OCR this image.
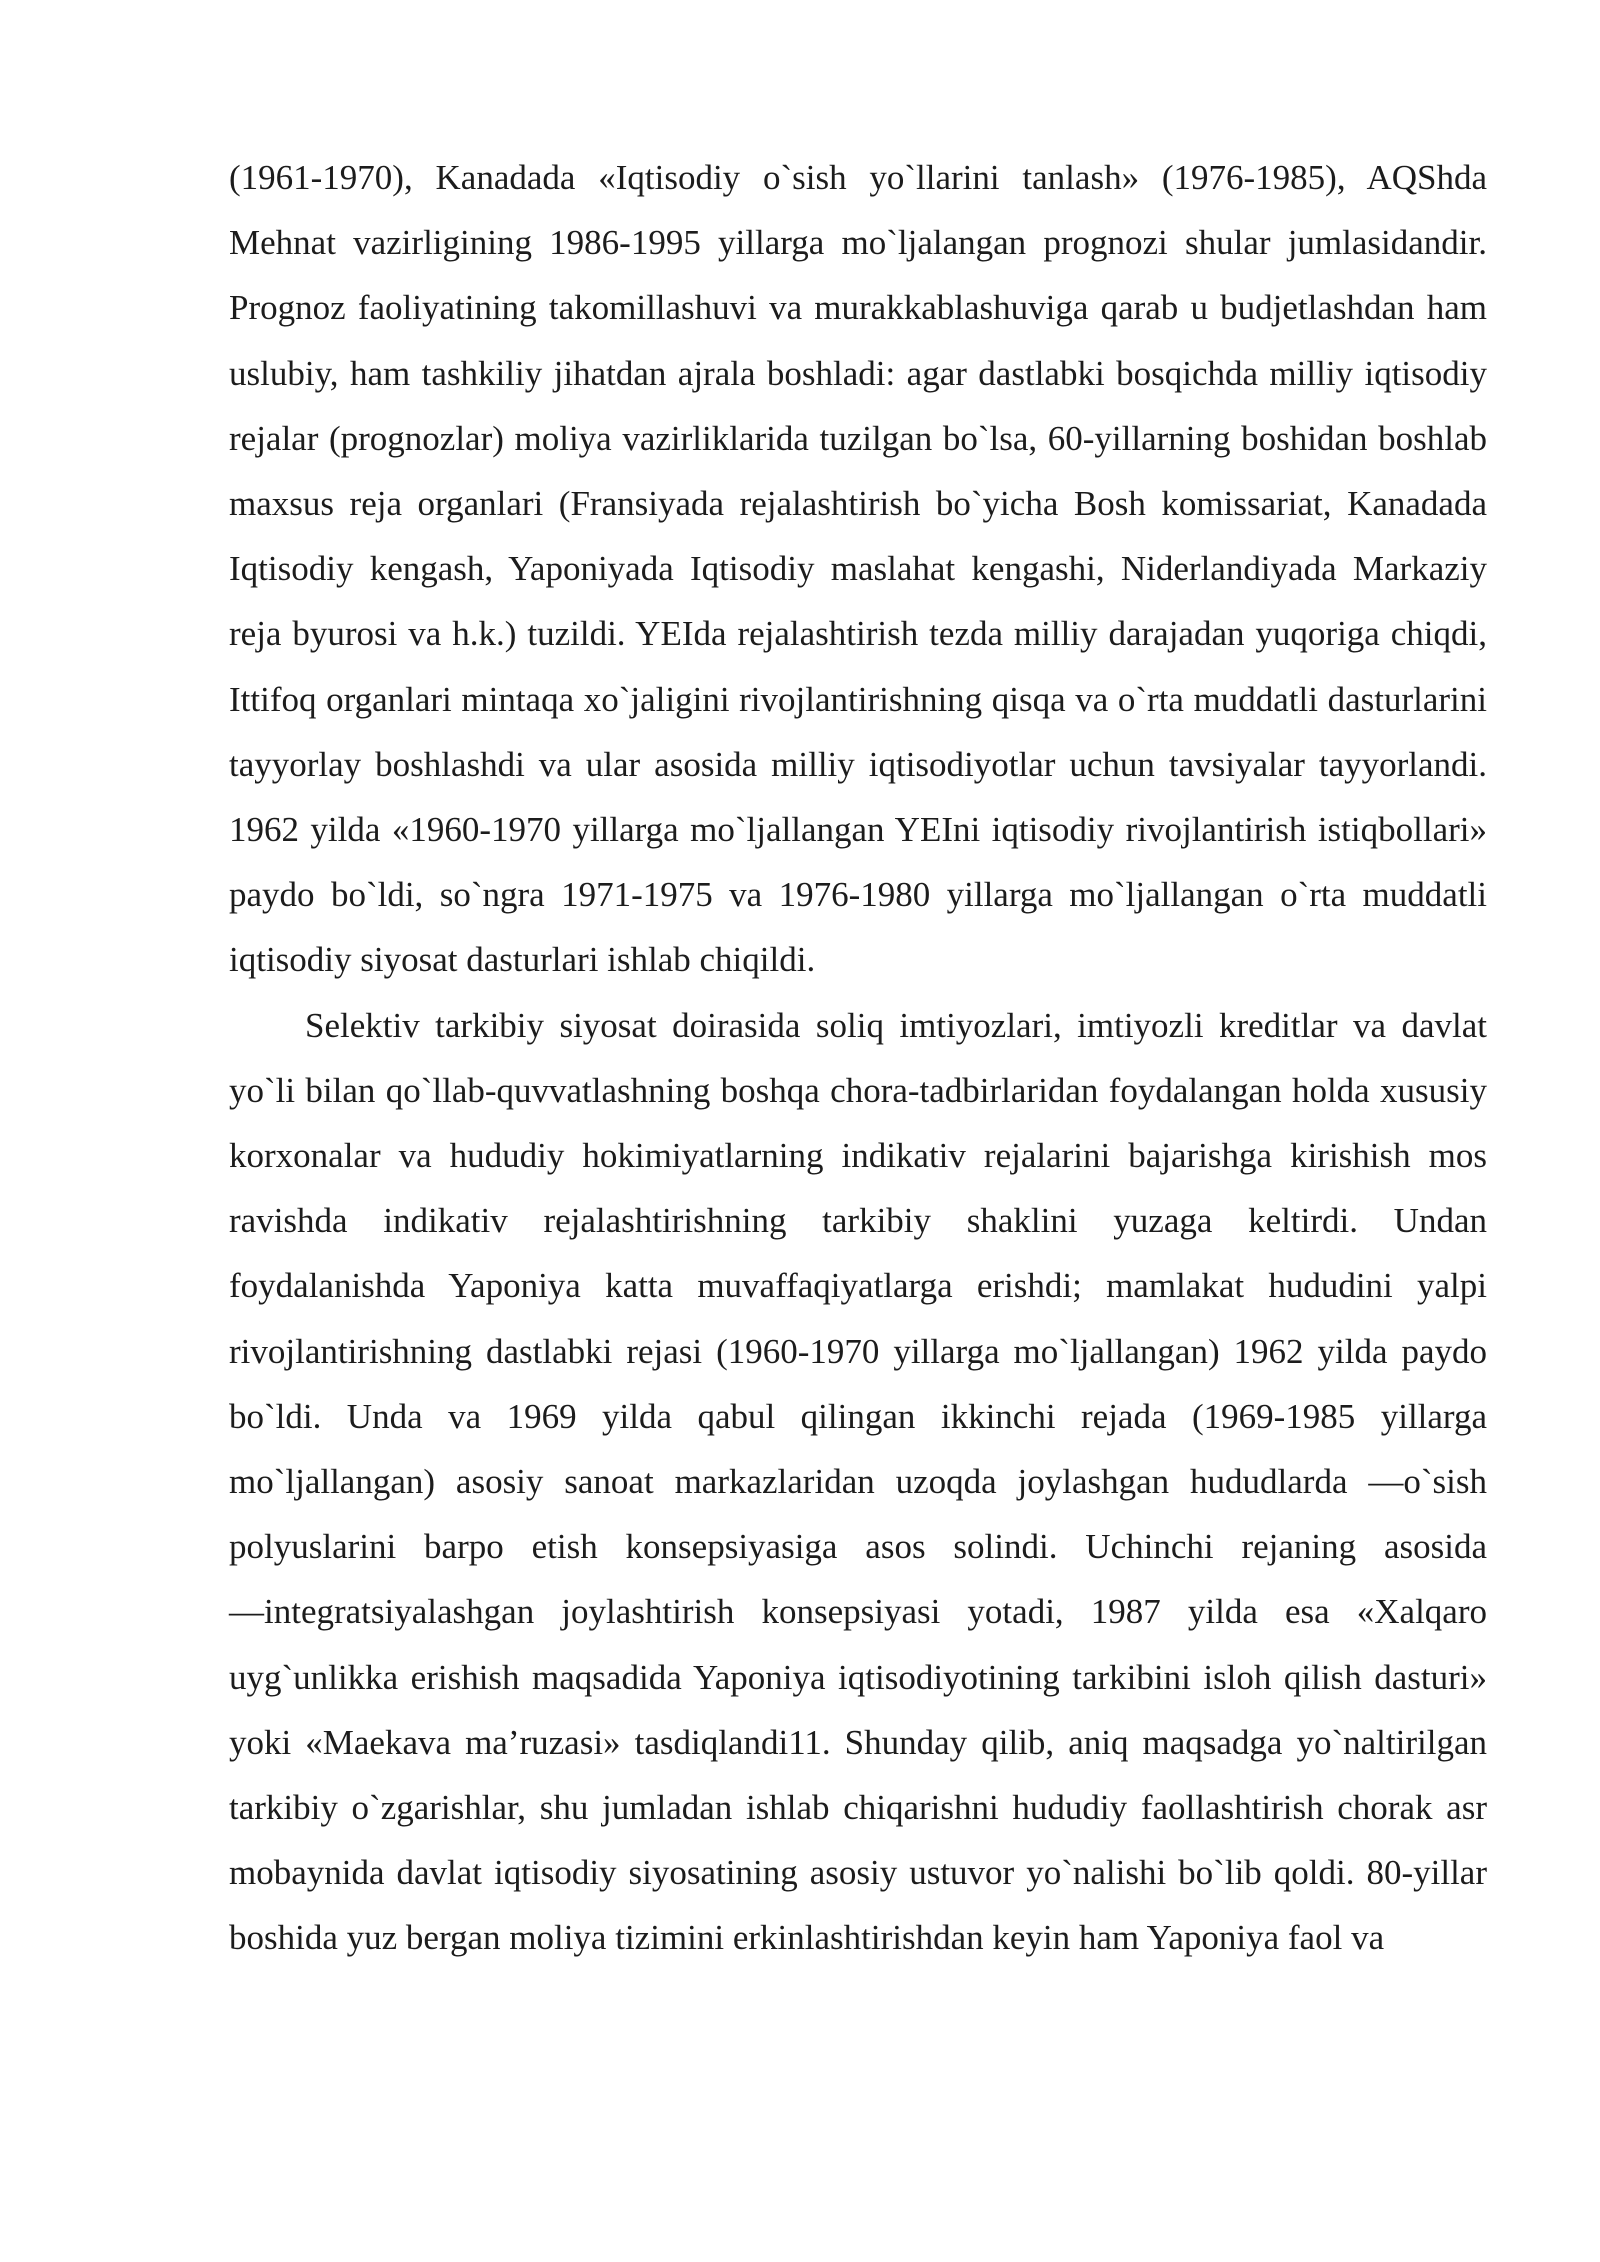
(1961-1970), Kanadada «Iqtisodiy o`sish yo`llarini tanlash» (1976-1985), AQShda Mehnat vazirligining 1986-1995 yillarga mo`ljalangan prognozi shular jumlasidandir. Prognoz faoliyatining takomillashuvi va murakkablashuviga qarab u budjetlashdan ham uslubiy, ham tashkiliy jihatdan ajrala boshladi: agar dastlabki bosqichda milliy iqtisodiy rejalar (prognozlar) moliya vazirliklarida tuzilgan bo`lsa, 60-yillarning boshidan boshlab maxsus reja organlari (Fransiyada rejalashtirish bo`yicha Bosh komissariat, Kanadada Iqtisodiy kengash, Yaponiyada Iqtisodiy maslahat kengashi, Niderlandiyada Markaziy reja byurosi va h.k.) tuzildi. YEIda rejalashtirish tezda milliy darajadan yuqoriga chiqdi, Ittifoq organlari mintaqa xo`jaligini rivojlantirishning qisqa va o`rta muddatli dasturlarini tayyorlay boshlashdi va ular asosida milliy iqtisodiyotlar uchun tavsiyalar tayyorlandi. 1962 yilda «1960-1970 yillarga mo`ljallangan YEIni iqtisodiy rivojlantirish istiqbollari» paydo bo`ldi, so`ngra 1971-1975 va 1976-1980 yillarga mo`ljallangan o`rta muddatli iqtisodiy siyosat dasturlari ishlab chiqildi.

Selektiv tarkibiy siyosat doirasida soliq imtiyozlari, imtiyozli kreditlar va davlat yo`li bilan qo`llab-quvvatlashning boshqa chora-tadbirlaridan foydalangan holda xususiy korxonalar va hududiy hokimiyatlarning indikativ rejalarini bajarishga kirishish mos ravishda indikativ rejalashtirishning tarkibiy shaklini yuzaga keltirdi. Undan foydalanishda Yaponiya katta muvaffaqiyatlarga erishdi; mamlakat hududini yalpi rivojlantirishning dastlabki rejasi (1960-1970 yillarga mo`ljallangan) 1962 yilda paydo bo`ldi. Unda va 1969 yilda qabul qilingan ikkinchi rejada (1969-1985 yillarga mo`ljallangan) asosiy sanoat markazlaridan uzoqda joylashgan hududlarda ―o`sish polyuslarini barpo etish konsepsiyasiga asos solindi. Uchinchi rejaning asosida ―integratsiyalashgan joylashtirish konsepsiyasi yotadi, 1987 yilda esa «Xalqaro uyg`unlikka erishish maqsadida Yaponiya iqtisodiyotining tarkibini isloh qilish dasturi» yoki «Maekava ma’ruzasi» tasdiqlandi11. Shunday qilib, aniq maqsadga yo`naltirilgan tarkibiy o`zgarishlar, shu jumladan ishlab chiqarishni hududiy faollashtirish chorak asr mobaynida davlat iqtisodiy siyosatining asosiy ustuvor yo`nalishi bo`lib qoldi. 80-yillar boshida yuz bergan moliya tizimini erkinlashtirishdan keyin ham Yaponiya faol va
